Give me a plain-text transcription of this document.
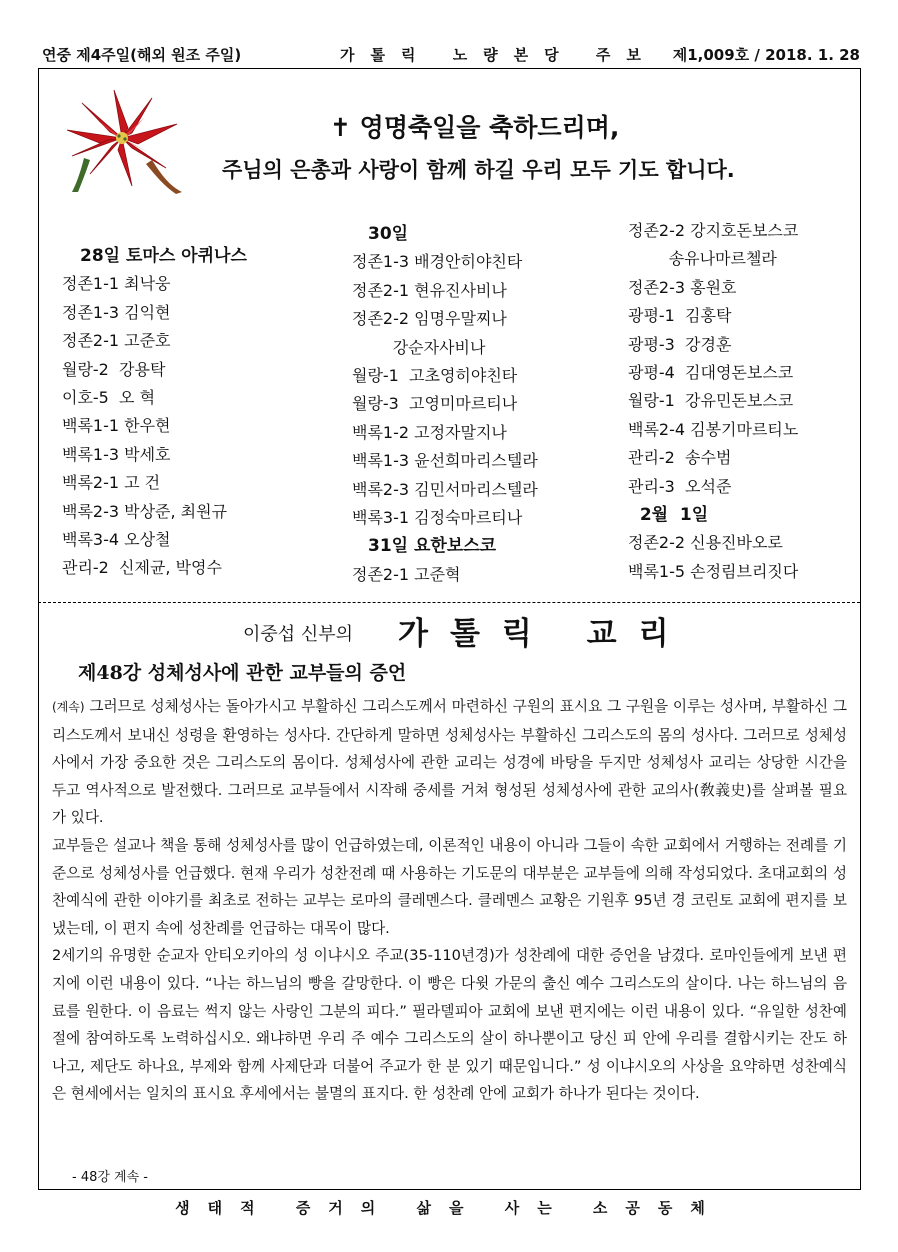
연중 제4주일(해외 원조 주일)	가톨릭 노량본당 주보 제1,009호 / 2018. 1. 28
✝ 영명축일을 축하드리며,
주님의 은총과 사랑이 함께 하길 우리 모두 기도 합니다.
28일 토마스 아퀴나스
정존1-1 최낙웅
정존1-3 김익현
정존2-1 고준호
월랑-2  강용탁
이호-5  오 혁
백록1-1 한우현
백록1-3 박세호
백록2-1 고 건
백록2-3 박상준, 최원규
백록3-4 오상철
관리-2  신제균, 박영수
30일
정존1-3 배경안히야친타
정존2-1 현유진사비나
정존2-2 임명우말찌나
강순자사비나
월랑-1  고초영히야친타
월랑-3  고영미마르티나
백록1-2 고정자말지나
백록1-3 윤선희마리스텔라
백록2-3 김민서마리스텔라
백록3-1 김정숙마르티나
31일 요한보스코
정존2-1 고준혁
정존2-2 강지호돈보스코
송유나마르첼라
정존2-3 홍원호
광평-1  김홍탁
광평-3  강경훈
광평-4  김대영돈보스코
월랑-1  강유민돈보스코
백록2-4 김봉기마르티노
관리-2  송수범
관리-3  오석준
2월  1일
정존2-2 신용진바오로
백록1-5 손정림브리짓다
이중섭 신부의 가톨릭 교리
제48강 성체성사에 관한 교부들의 증언

(계속) 그러므로 성체성사는 돌아가시고 부활하신 그리스도께서 마련하신 구원의 표시요 그 구원을 이루는 성사며, 부활하신 그리스도께서 보내신 성령을 환영하는 성사다. 간단하게 말하면 성체성사는 부활하신 그리스도의 몸의 성사다. 그러므로 성체성사에서 가장 중요한 것은 그리스도의 몸이다. 성체성사에 관한 교리는 성경에 바탕을 두지만 성체성사 교리는 상당한 시간을 두고 역사적으로 발전했다. 그러므로 교부들에서 시작해 중세를 거쳐 형성된 성체성사에 관한 교의사(敎義史)를 살펴볼 필요가 있다.

교부들은 설교나 책을 통해 성체성사를 많이 언급하였는데, 이론적인 내용이 아니라 그들이 속한 교회에서 거행하는 전례를 기준으로 성체성사를 언급했다. 현재 우리가 성찬전례 때 사용하는 기도문의 대부분은 교부들에 의해 작성되었다. 초대교회의 성찬예식에 관한 이야기를 최초로 전하는 교부는 로마의 클레멘스다. 클레멘스 교황은 기원후 95년 경 코린토 교회에 편지를 보냈는데, 이 편지 속에 성찬례를 언급하는 대목이 많다.

2세기의 유명한 순교자 안티오키아의 성 이냐시오 주교(35-110년경)가 성찬례에 대한 증언을 남겼다. 로마인들에게 보낸 편지에 이런 내용이 있다. “나는 하느님의 빵을 갈망한다. 이 빵은 다윗 가문의 출신 예수 그리스도의 살이다. 나는 하느님의 음료를 원한다. 이 음료는 썩지 않는 사랑인 그분의 피다.” 필라델피아 교회에 보낸 편지에는 이런 내용이 있다. “유일한 성찬예절에 참여하도록 노력하십시오. 왜냐하면 우리 주 예수 그리스도의 살이 하나뿐이고 당신 피 안에 우리를 결합시키는 잔도 하나고, 제단도 하나요, 부제와 함께 사제단과 더불어 주교가 한 분 있기 때문입니다.” 성 이냐시오의 사상을 요약하면 성찬예식은 현세에서는 일치의 표시요 후세에서는 불멸의 표지다. 한 성찬례 안에 교회가 하나가 된다는 것이다.

- 48강 계속 -
생태적 증거의 삶을 사는 소공동체
